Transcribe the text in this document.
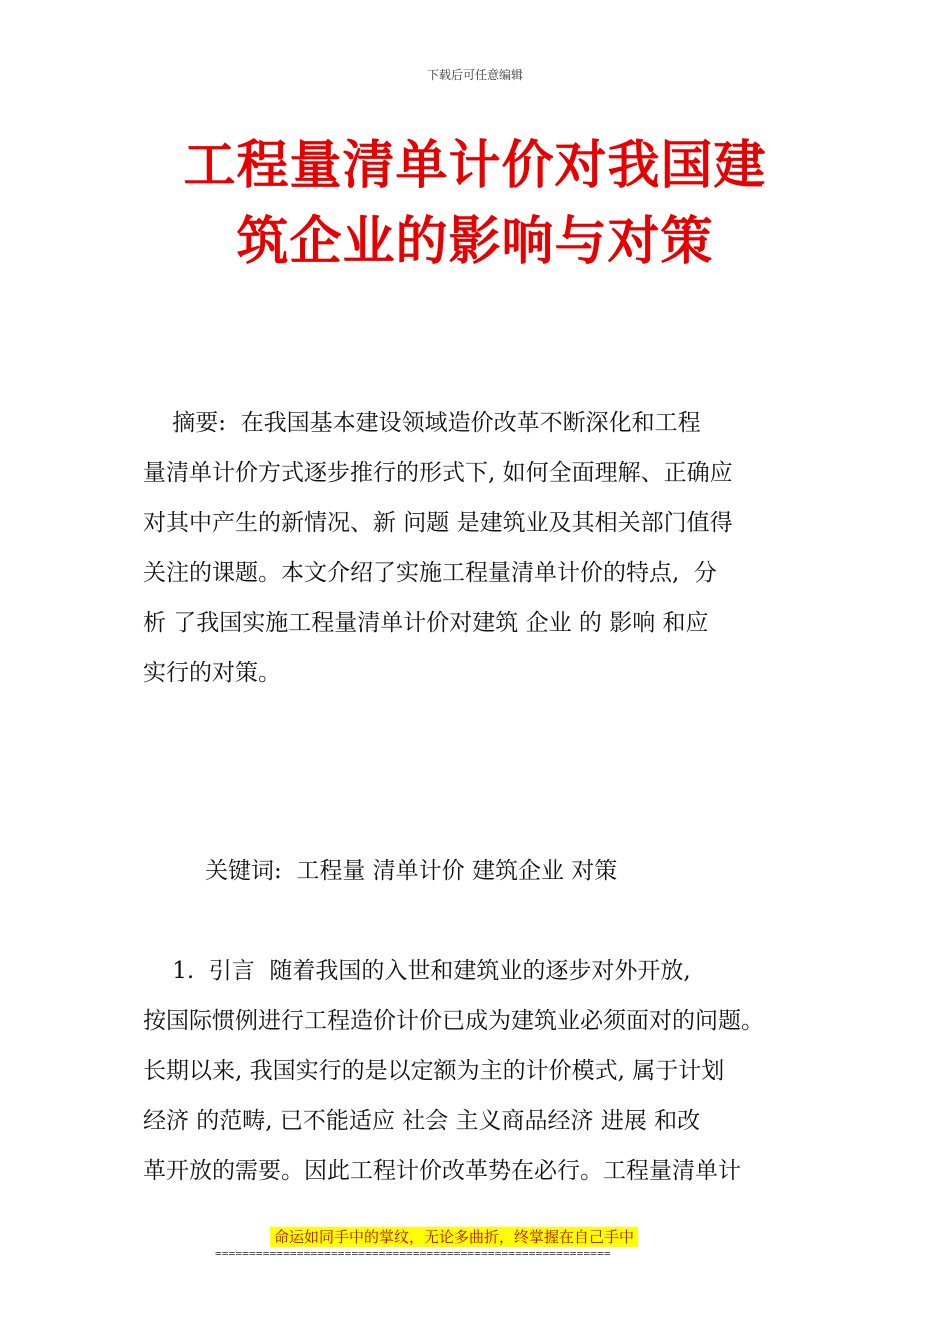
下载后可任意编辑
工程量清单计价对我国建
筑企业的影响与对策
摘要:  在我国基本建设领域造价改革不断深化和工程
量清单计价方式逐步推行的形式下, 如何全面理解、正确应
对其中产生的新情况、新 问题 是建筑业及其相关部门值得
关注的课题。本文介绍了实施工程量清单计价的特点,  分
析 了我国实施工程量清单计价对建筑 企业 的 影响 和应
实行的对策。
关键词:  工程量 清单计价 建筑企业 对策
1.  引言  随着我国的入世和建筑业的逐步对外开放,
按国际惯例进行工程造价计价已成为建筑业必须面对的问题。
长期以来, 我国实行的是以定额为主的计价模式, 属于计划
经济 的范畴, 已不能适应 社会 主义商品经济 进展 和改
革开放的需要。因此工程计价改革势在必行。工程量清单计
命运如同手中的掌纹，无论多曲折，终掌握在自己手中
==========================================================
